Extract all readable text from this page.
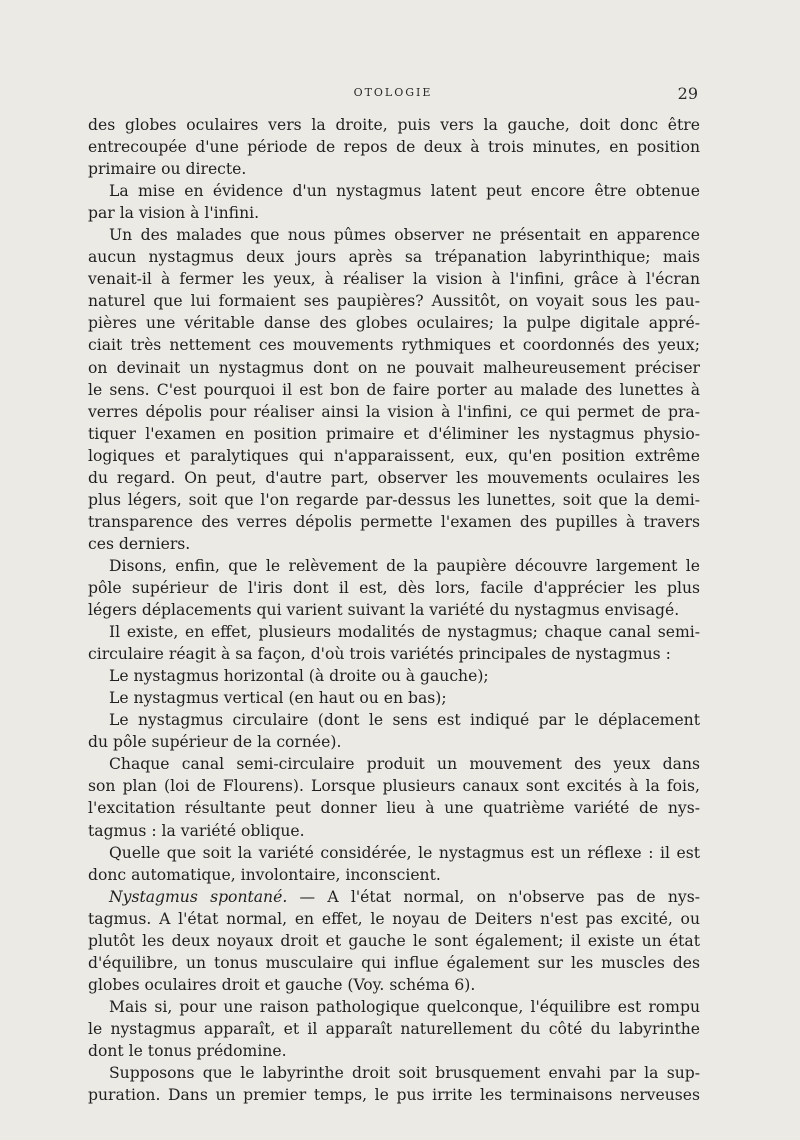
OTOLOGIE	29

des globes oculaires vers la droite, puis vers la gauche, doit donc être
entrecoupée d'une période de repos de deux à trois minutes, en position
primaire ou directe.

La mise en évidence d'un nystagmus latent peut encore être obtenue
par la vision à l'infini.

Un des malades que nous pûmes observer ne présentait en apparence
aucun nystagmus deux jours après sa trépanation labyrinthique; mais
venait-il à fermer les yeux, à réaliser la vision à l'infini, grâce à l'écran
naturel que lui formaient ses paupières? Aussitôt, on voyait sous les pau-
pières une véritable danse des globes oculaires; la pulpe digitale appré-
ciait très nettement ces mouvements rythmiques et coordonnés des yeux;
on devinait un nystagmus dont on ne pouvait malheureusement préciser
le sens. C'est pourquoi il est bon de faire porter au malade des lunettes à
verres dépolis pour réaliser ainsi la vision à l'infini, ce qui permet de pra-
tiquer l'examen en position primaire et d'éliminer les nystagmus physio-
logiques et paralytiques qui n'apparaissent, eux, qu'en position extrême
du regard. On peut, d'autre part, observer les mouvements oculaires les
plus légers, soit que l'on regarde par-dessus les lunettes, soit que la demi-
transparence des verres dépolis permette l'examen des pupilles à travers
ces derniers.

Disons, enfin, que le relèvement de la paupière découvre largement le
pôle supérieur de l'iris dont il est, dès lors, facile d'apprécier les plus
légers déplacements qui varient suivant la variété du nystagmus envisagé.

Il existe, en effet, plusieurs modalités de nystagmus; chaque canal semi-
circulaire réagit à sa façon, d'où trois variétés principales de nystagmus :

Le nystagmus horizontal (à droite ou à gauche);

Le nystagmus vertical (en haut ou en bas);

Le nystagmus circulaire (dont le sens est indiqué par le déplacement
du pôle supérieur de la cornée).

Chaque canal semi-circulaire produit un mouvement des yeux dans
son plan (loi de Flourens). Lorsque plusieurs canaux sont excités à la fois,
l'excitation résultante peut donner lieu à une quatrième variété de nys-
tagmus : la variété oblique.

Quelle que soit la variété considérée, le nystagmus est un réflexe : il est
donc automatique, involontaire, inconscient.

Nystagmus spontané. — A l'état normal, on n'observe pas de nys-
tagmus. A l'état normal, en effet, le noyau de Deiters n'est pas excité, ou
plutôt les deux noyaux droit et gauche le sont également; il existe un état
d'équilibre, un tonus musculaire qui influe également sur les muscles des
globes oculaires droit et gauche (Voy. schéma 6).

Mais si, pour une raison pathologique quelconque, l'équilibre est rompu
le nystagmus apparaît, et il apparaît naturellement du côté du labyrinthe
dont le tonus prédomine.

Supposons que le labyrinthe droit soit brusquement envahi par la sup-
puration. Dans un premier temps, le pus irrite les terminaisons nerveuses
